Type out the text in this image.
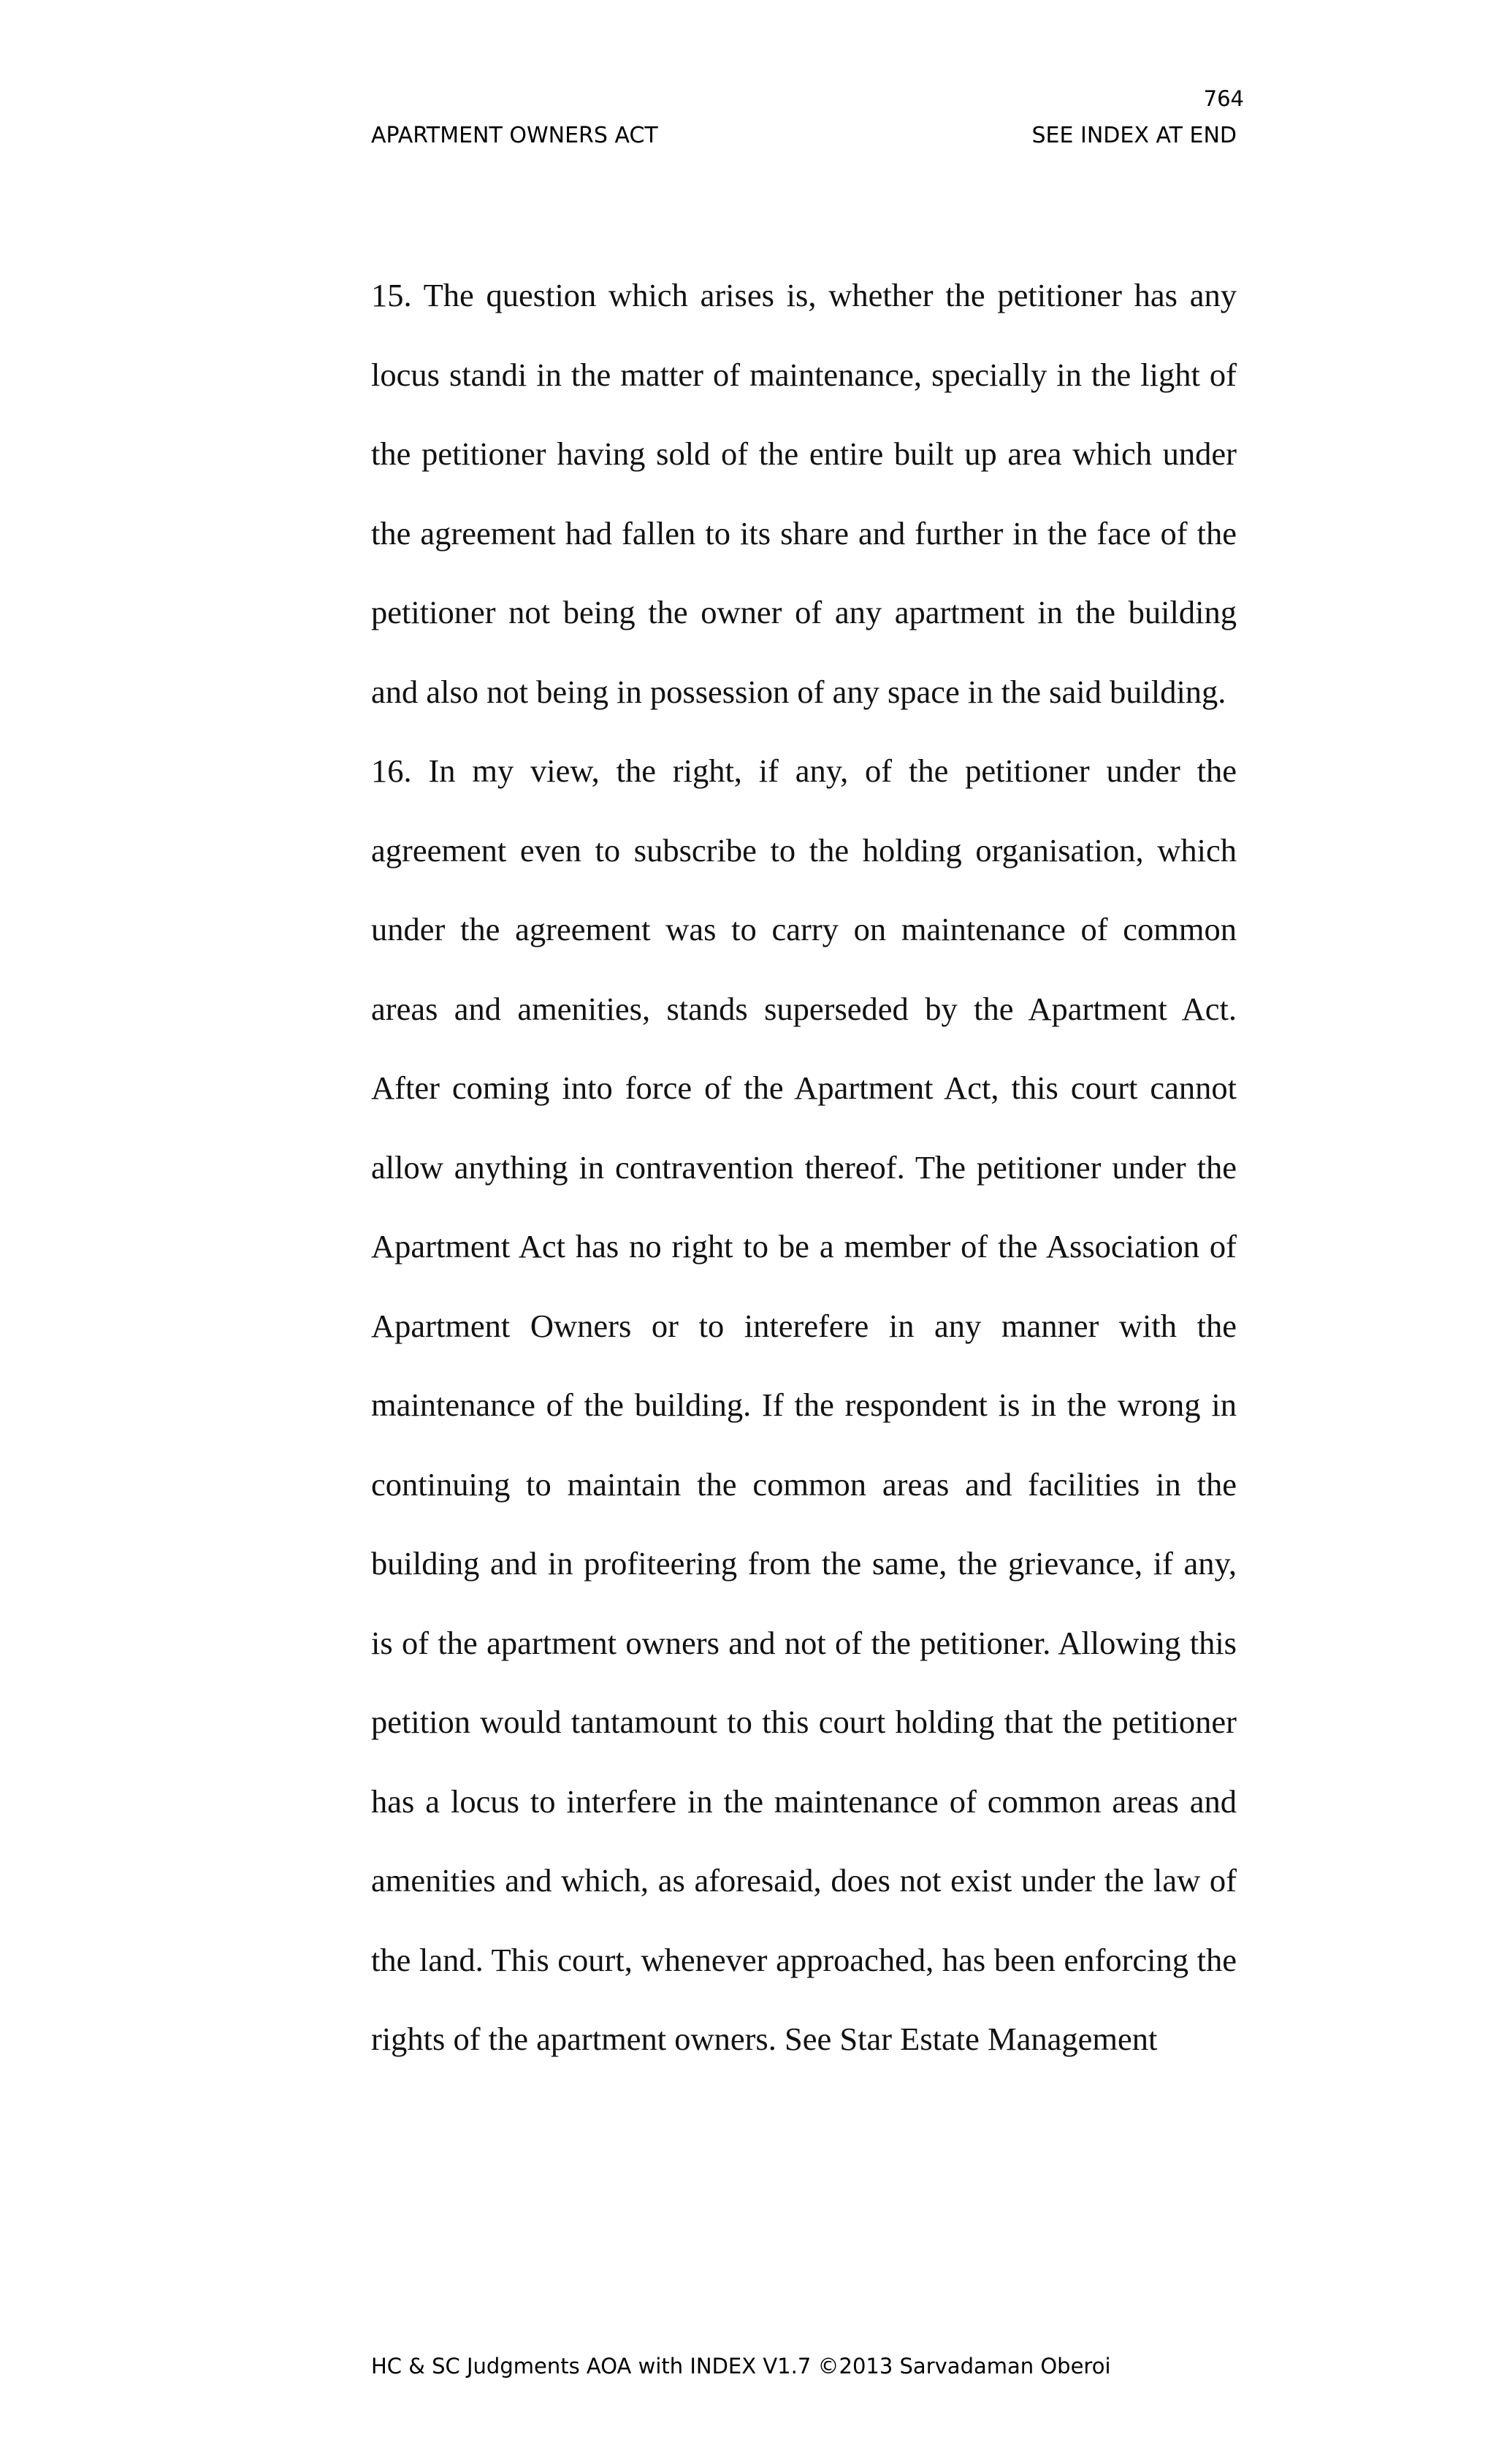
764
APARTMENT OWNERS ACT	SEE INDEX AT END

15. The question which arises is, whether the petitioner has any locus standi in the matter of maintenance, specially in the light of the petitioner having sold of the entire built up area which under the agreement had fallen to its share and further in the face of the petitioner not being the owner of any apartment in the building and also not being in possession of any space in the said building.

16. In my view, the right, if any, of the petitioner under the agreement even to subscribe to the holding organisation, which under the agreement was to carry on maintenance of common areas and amenities, stands superseded by the Apartment Act. After coming into force of the Apartment Act, this court cannot allow anything in contravention thereof. The petitioner under the Apartment Act has no right to be a member of the Association of Apartment Owners or to interefere in any manner with the maintenance of the building. If the respondent is in the wrong in continuing to maintain the common areas and facilities in the building and in profiteering from the same, the grievance, if any, is of the apartment owners and not of the petitioner. Allowing this petition would tantamount to this court holding that the petitioner has a locus to interfere in the maintenance of common areas and amenities and which, as aforesaid, does not exist under the law of the land. This court, whenever approached, has been enforcing the rights of the apartment owners. See Star Estate Management

HC & SC Judgments AOA with INDEX V1.7 ©2013 Sarvadaman Oberoi
